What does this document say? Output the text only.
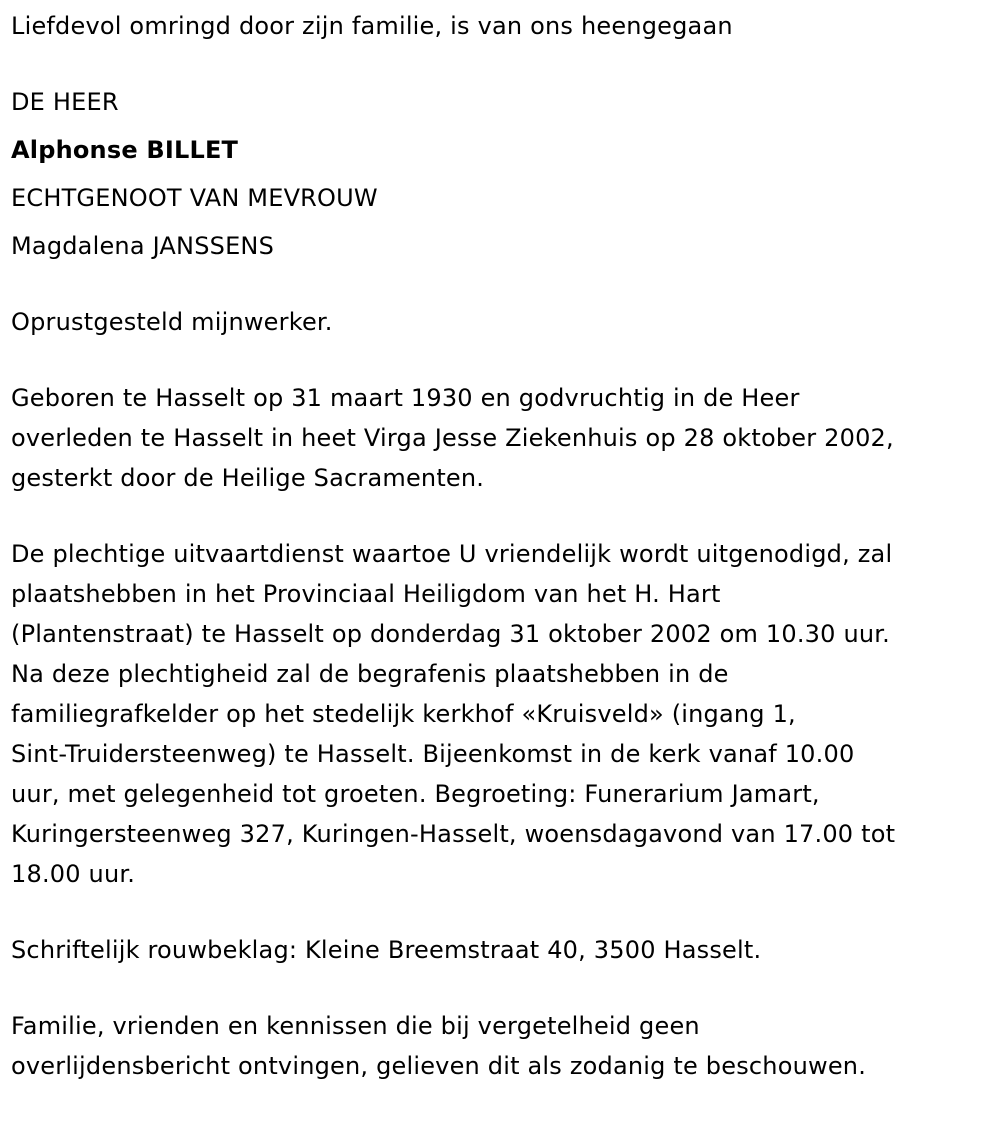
Liefdevol omringd door zijn familie, is van ons heengegaan

DE HEER

Alphonse BILLET

ECHTGENOOT VAN MEVROUW

Magdalena JANSSENS

Oprustgesteld mijnwerker.

Geboren te Hasselt op 31 maart 1930 en godvruchtig in de Heer

overleden te Hasselt in heet Virga Jesse Ziekenhuis op 28 oktober 2002,

gesterkt door de Heilige Sacramenten.

De plechtige uitvaartdienst waartoe U vriendelijk wordt uitgenodigd, zal

plaatshebben in het Provinciaal Heiligdom van het H. Hart

(Plantenstraat) te Hasselt op donderdag 31 oktober 2002 om 10.30 uur.

Na deze plechtigheid zal de begrafenis plaatshebben in de

familiegrafkelder op het stedelijk kerkhof «Kruisveld» (ingang 1,

Sint-Truidersteenweg) te Hasselt. Bijeenkomst in de kerk vanaf 10.00

uur, met gelegenheid tot groeten. Begroeting: Funerarium Jamart,

Kuringersteenweg 327, Kuringen-Hasselt, woensdagavond van 17.00 tot

18.00 uur.

Schriftelijk rouwbeklag: Kleine Breemstraat 40, 3500 Hasselt.

Familie, vrienden en kennissen die bij vergetelheid geen

overlijdensbericht ontvingen, gelieven dit als zodanig te beschouwen.
